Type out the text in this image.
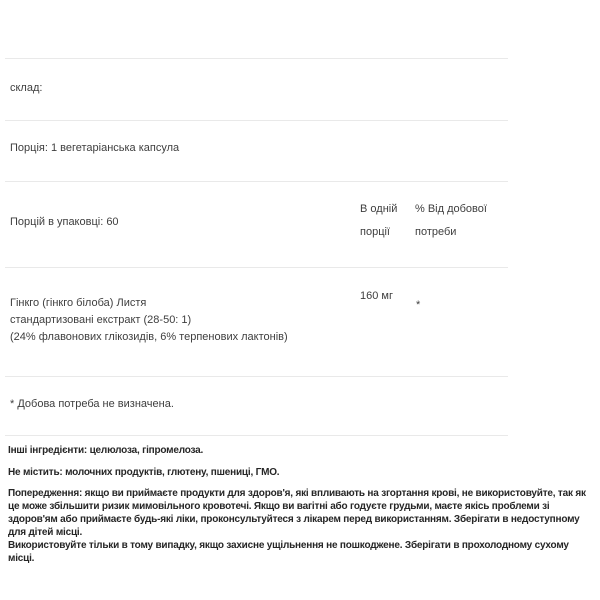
склад:
Порція: 1 вегетаріанська капсула
Порцій в упаковці: 60
В одній
порції
% Від добової
потреби
160 мг
*
Гінкго (гінкго білоба) Листя
стандартизовані екстракт (28-50: 1)
(24% флавонових глікозидів, 6% терпенових лактонів)
* Добова потреба не визначена.
Інші інгредієнти: целюлоза, гіпромелоза.
Не містить: молочних продуктів, глютену, пшениці, ГМО.

Попередження: якщо ви приймаєте продукти для здоров'я, які впливають на згортання крові, не використовуйте, так як це може збільшити ризик мимовільного кровотечі. Якщо ви вагітні або годуєте грудьми, маєте якісь проблеми зі здоров'ям або приймаєте будь-які ліки, проконсультуйтеся з лікарем перед використанням. Зберігати в недоступному для дітей місці.

Використовуйте тільки в тому випадку, якщо захисне ущільнення не пошкоджене. Зберігати в прохолодному сухому місці.
